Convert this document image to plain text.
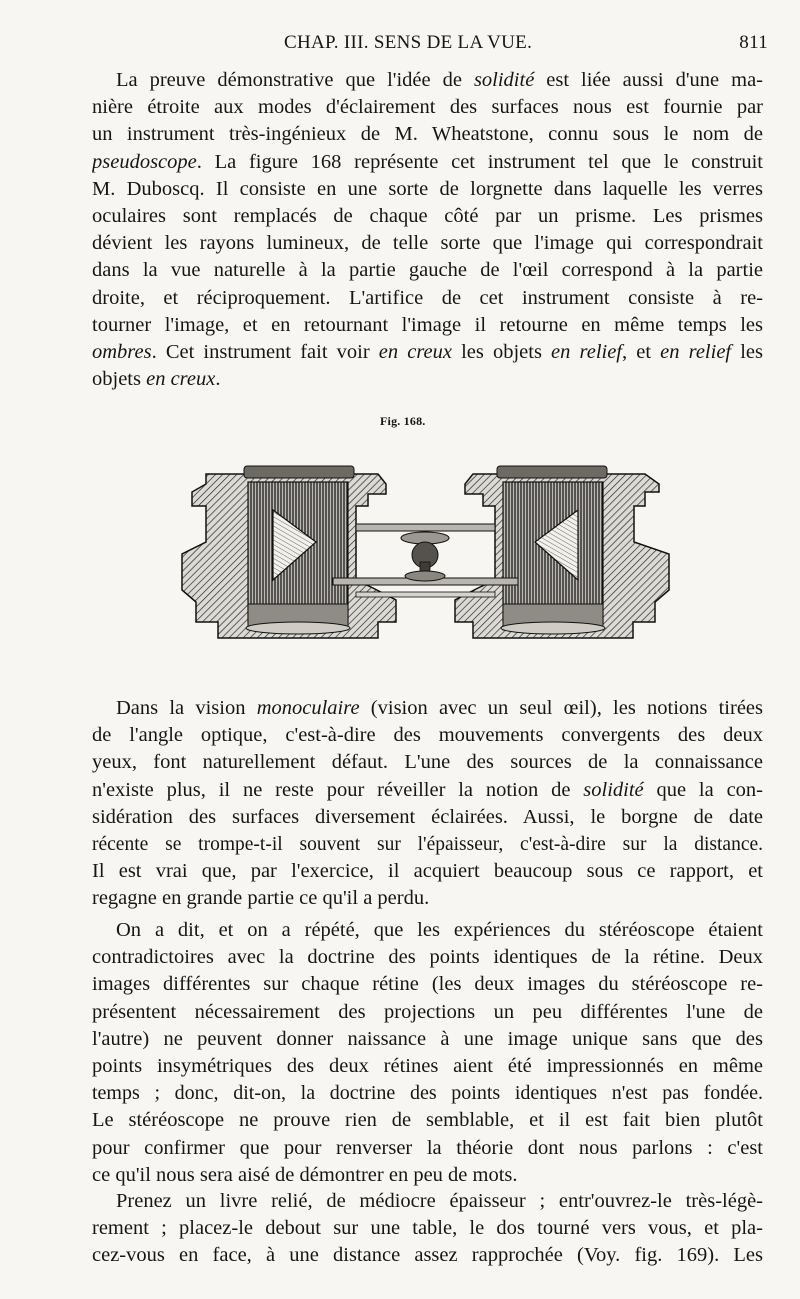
CHAP. III. SENS DE LA VUE.	811
La preuve démonstrative que l'idée de solidité est liée aussi d'une ma-
nière étroite aux modes d'éclairement des surfaces nous est fournie par
un instrument très-ingénieux de M. Wheatstone, connu sous le nom de
pseudoscope. La figure 168 représente cet instrument tel que le construit
M. Duboscq. Il consiste en une sorte de lorgnette dans laquelle les verres
oculaires sont remplacés de chaque côté par un prisme. Les prismes
dévient les rayons lumineux, de telle sorte que l'image qui correspondrait
dans la vue naturelle à la partie gauche de l'œil correspond à la partie
droite, et réciproquement. L'artifice de cet instrument consiste à re-
tourner l'image, et en retournant l'image il retourne en même temps les
ombres. Cet instrument fait voir en creux les objets en relief, et en relief les
objets en creux.
Fig. 168.
Dans la vision monoculaire (vision avec un seul œil), les notions tirées
de l'angle optique, c'est-à-dire des mouvements convergents des deux
yeux, font naturellement défaut. L'une des sources de la connaissance
n'existe plus, il ne reste pour réveiller la notion de solidité que la con-
sidération des surfaces diversement éclairées. Aussi, le borgne de date
récente se trompe-t-il souvent sur l'épaisseur, c'est-à-dire sur la distance.
Il est vrai que, par l'exercice, il acquiert beaucoup sous ce rapport, et
regagne en grande partie ce qu'il a perdu.
On a dit, et on a répété, que les expériences du stéréoscope étaient
contradictoires avec la doctrine des points identiques de la rétine. Deux
images différentes sur chaque rétine (les deux images du stéréoscope re-
présentent nécessairement des projections un peu différentes l'une de
l'autre) ne peuvent donner naissance à une image unique sans que des
points insymétriques des deux rétines aient été impressionnés en même
temps ; donc, dit-on, la doctrine des points identiques n'est pas fondée.
Le stéréoscope ne prouve rien de semblable, et il est fait bien plutôt
pour confirmer que pour renverser la théorie dont nous parlons : c'est
ce qu'il nous sera aisé de démontrer en peu de mots.
Prenez un livre relié, de médiocre épaisseur ; entr'ouvrez-le très-légè-
rement ; placez-le debout sur une table, le dos tourné vers vous, et pla-
cez-vous en face, à une distance assez rapprochée (Voy. fig. 169). Les
